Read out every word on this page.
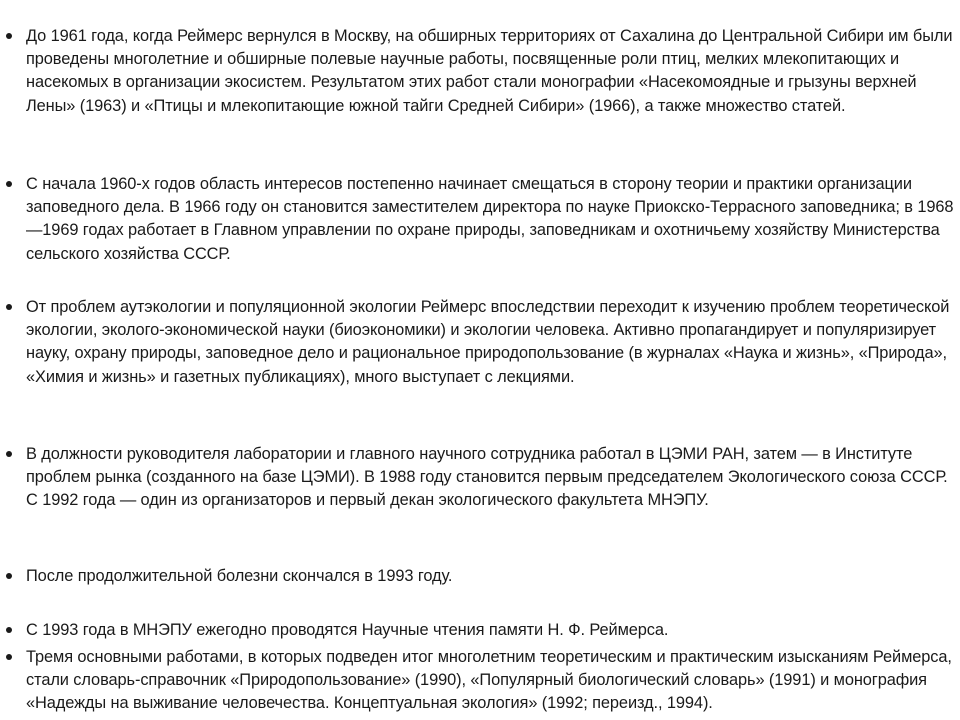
До 1961 года, когда Реймерс вернулся в Москву, на обширных территориях от Сахалина до Центральной Сибири им были проведены многолетние и обширные полевые научные работы, посвященные роли птиц, мелких млекопитающих и насекомых в организации экосистем. Результатом этих работ стали монографии «Насекомоядные и грызуны верхней Лены» (1963) и «Птицы и млекопитающие южной тайги Средней Сибири» (1966), а также множество статей.
С начала 1960-х годов область интересов постепенно начинает смещаться в сторону теории и практики организации заповедного дела. В 1966 году он становится заместителем директора по науке Приокско-Террасного заповедника; в 1968—1969 годах работает в Главном управлении по охране природы, заповедникам и охотничьему хозяйству Министерства сельского хозяйства СССР.
От проблем аутэкологии и популяционной экологии Реймерс впоследствии переходит к изучению проблем теоретической экологии, эколого-экономической науки (биоэкономики) и экологии человека. Активно пропагандирует и популяризирует науку, охрану природы, заповедное дело и рациональное природопользование (в журналах «Наука и жизнь», «Природа», «Химия и жизнь» и газетных публикациях), много выступает с лекциями.
В должности руководителя лаборатории и главного научного сотрудника работал в ЦЭМИ РАН, затем — в Институте проблем рынка (созданного на базе ЦЭМИ). В 1988 году становится первым председателем Экологического союза СССР. С 1992 года — один из организаторов и первый декан экологического факультета МНЭПУ.
После продолжительной болезни скончался в 1993 году.
С 1993 года в МНЭПУ ежегодно проводятся Научные чтения памяти Н. Ф. Реймерса.
Тремя основными работами, в которых подведен итог многолетним теоретическим и практическим изысканиям Реймерса, стали словарь-справочник «Природопользование» (1990), «Популярный биологический словарь» (1991) и монография «Надежды на выживание человечества. Концептуальная экология» (1992; переизд., 1994).
